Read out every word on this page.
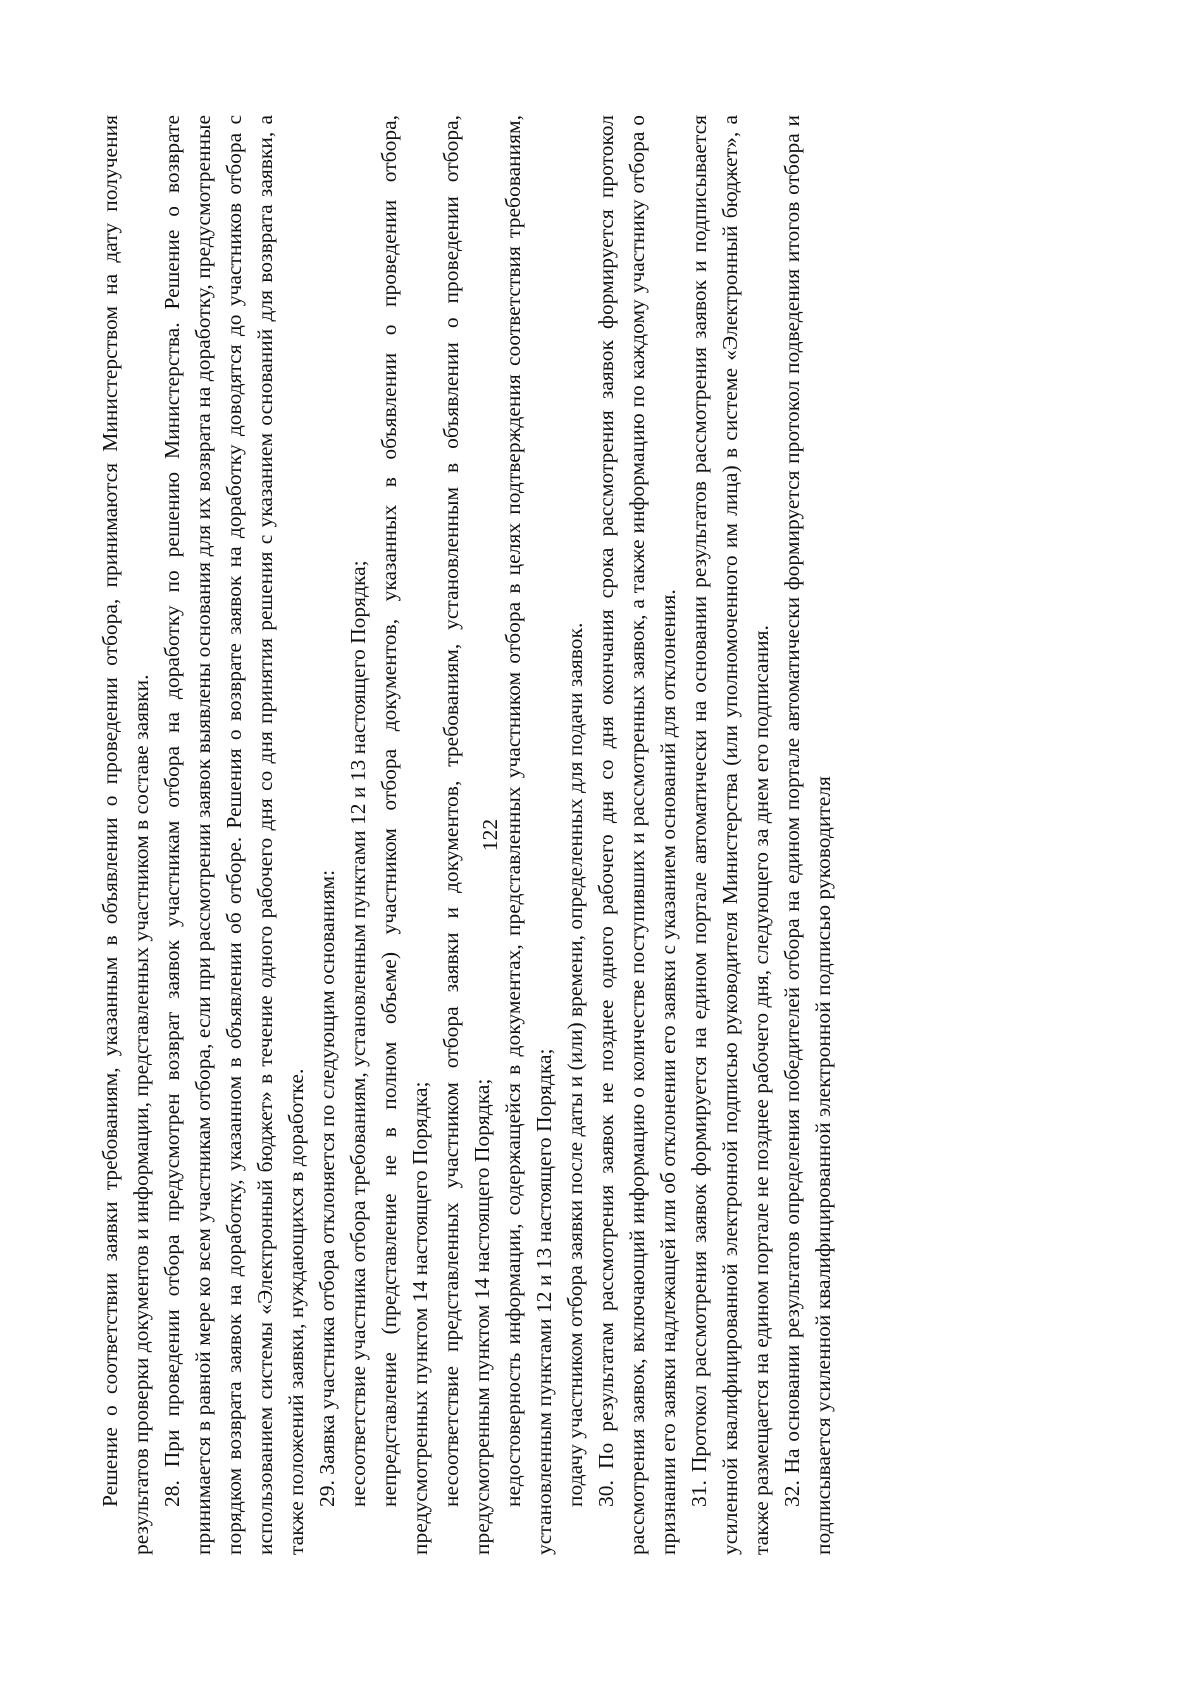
122

Решение о соответствии заявки требованиям, указанным в объявлении о проведении отбора, принимаются Министерством на дату получения результатов проверки документов и информации, представленных участником в составе заявки. 28. При проведении отбора предусмотрен возврат заявок участникам отбора на доработку по решению Министерства. Решение о возврате принимается в равной мере ко всем участникам отбора, если при рассмотрении заявок выявлены основания для их возврата на доработку, предусмотренные порядком возврата заявок на доработку, указанном в объявлении об отборе. Решения о возврате заявок на доработку доводятся до участников отбора с использованием системы «Электронный бюджет» в течение одного рабочего дня со дня принятия решения с указанием оснований для возврата заявки, а также положений заявки, нуждающихся в доработке. 29. Заявка участника отбора отклоняется по следующим основаниям: несоответствие участника отбора требованиям, установленным пунктами 12 и 13 настоящего Порядка; непредставление (представление не в полном объеме) участником отбора документов, указанных в объявлении о проведении отбора, предусмотренных пунктом 14 настоящего Порядка; несоответствие представленных участником отбора заявки и документов, требованиям, установленным в объявлении о проведении отбора, предусмотренным пунктом 14 настоящего Порядка; недостоверность информации, содержащейся в документах, представленных участником отбора в целях подтверждения соответствия требованиям, установленным пунктами 12 и 13 настоящего Порядка; подачу участником отбора заявки после даты и (или) времени, определенных для подачи заявок. 30. По результатам рассмотрения заявок не позднее одного рабочего дня со дня окончания срока рассмотрения заявок формируется протокол рассмотрения заявок, включающий информацию о количестве поступивших и рассмотренных заявок, а также информацию по каждому участнику отбора о признании его заявки надлежащей или об отклонении его заявки с указанием оснований для отклонения. 31. Протокол рассмотрения заявок формируется на едином портале автоматически на основании результатов рассмотрения заявок и подписывается усиленной квалифицированной электронной подписью руководителя Министерства (или уполномоченного им лица) в системе «Электронный бюджет», а также размещается на едином портале не позднее рабочего дня, следующего за днем его подписания. 32. На основании результатов определения победителей отбора на едином портале автоматически формируется протокол подведения итогов отбора и подписывается усиленной квалифицированной электронной подписью руководителя
